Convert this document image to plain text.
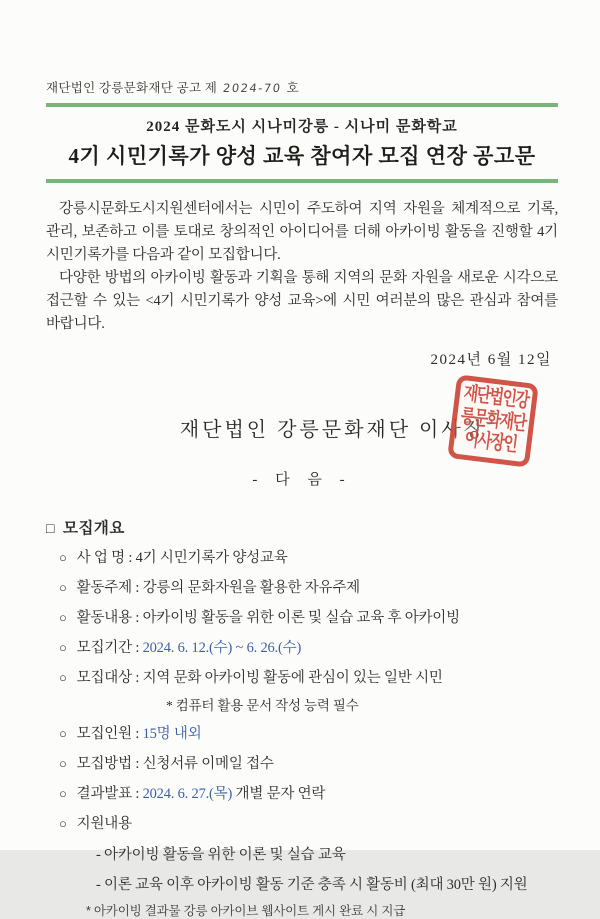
재단법인 강릉문화재단 공고 제 2024-70 호
2024 문화도시 시나미강릉 - 시나미 문화학교
4기 시민기록가 양성 교육 참여자 모집 연장 공고문

강릉시문화도시지원센터에서는 시민이 주도하여 지역 자원을 체계적으로 기록, 관리, 보존하고 이를 토대로 창의적인 아이디어를 더해 아카이빙 활동을 진행할 4기 시민기록가를 다음과 같이 모집합니다.

다양한 방법의 아카이빙 활동과 기획을 통해 지역의 문화 자원을 새로운 시각으로 접근할 수 있는 <4기 시민기록가 양성 교육>에 시민 여러분의 많은 관심과 참여를 바랍니다.

2024년 6월 12일
재단법인 강릉문화재단 이사장
재단법인강
릉문화재단
이사장인
- 다 음 -
□ 모집개요
○ 사 업 명 : 4기 시민기록가 양성교육
○ 활동주제 : 강릉의 문화자원을 활용한 자유주제
○ 활동내용 : 아카이빙 활동을 위한 이론 및 실습 교육 후 아카이빙
○ 모집기간 : 2024. 6. 12.(수) ~ 6. 26.(수)
○ 모집대상 : 지역 문화 아카이빙 활동에 관심이 있는 일반 시민
* 컴퓨터 활용 문서 작성 능력 필수
○ 모집인원 : 15명 내외
○ 모집방법 : 신청서류 이메일 접수
○ 결과발표 : 2024. 6. 27.(목) 개별 문자 연락
○ 지원내용
- 아카이빙 활동을 위한 이론 및 실습 교육
- 이론 교육 이후 아카이빙 활동 기준 충족 시 활동비 (최대 30만 원) 지원
* 아카이빙 결과물 강릉 아카이브 웹사이트 게시 완료 시 지급
